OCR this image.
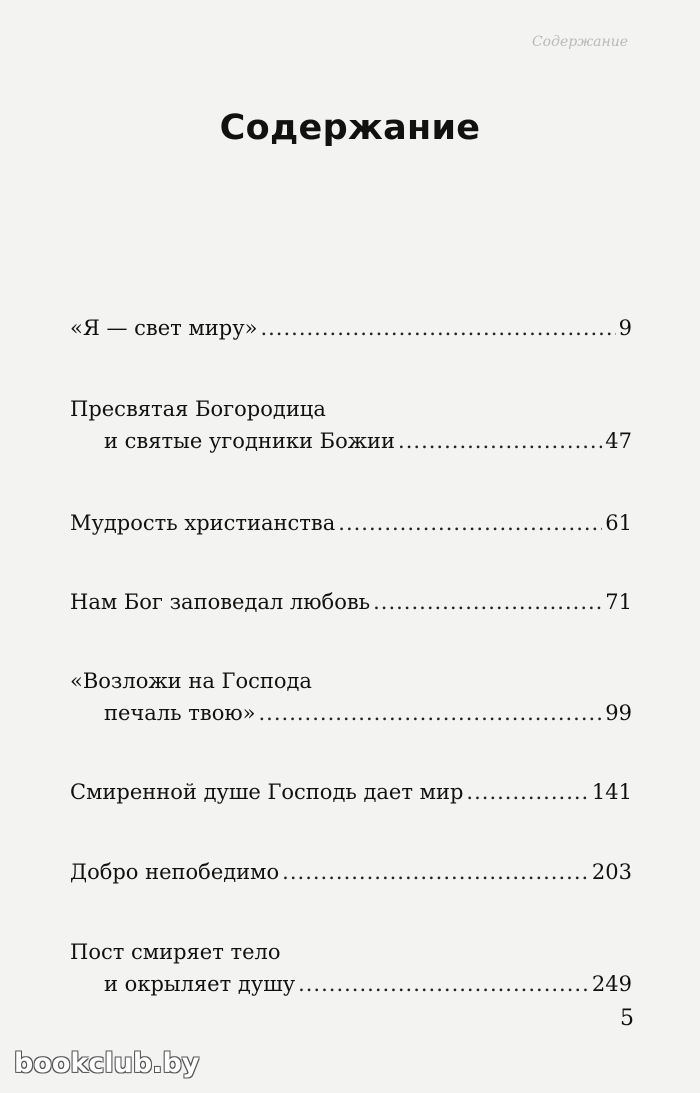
Содержание
Содержание
«Я — свет миру» .....	9
Пресвятая Богородица
и святые угодники Божии .....	47
Мудрость христианства .....	61
Нам Бог заповедал любовь .....	71
«Возложи на Господа
печаль твою» .....	99
Смиренной душе Господь дает мир .....	141
Добро непобедимо .....	203
Пост смиряет тело
и окрыляет душу .....	249
5
bookclub.by
